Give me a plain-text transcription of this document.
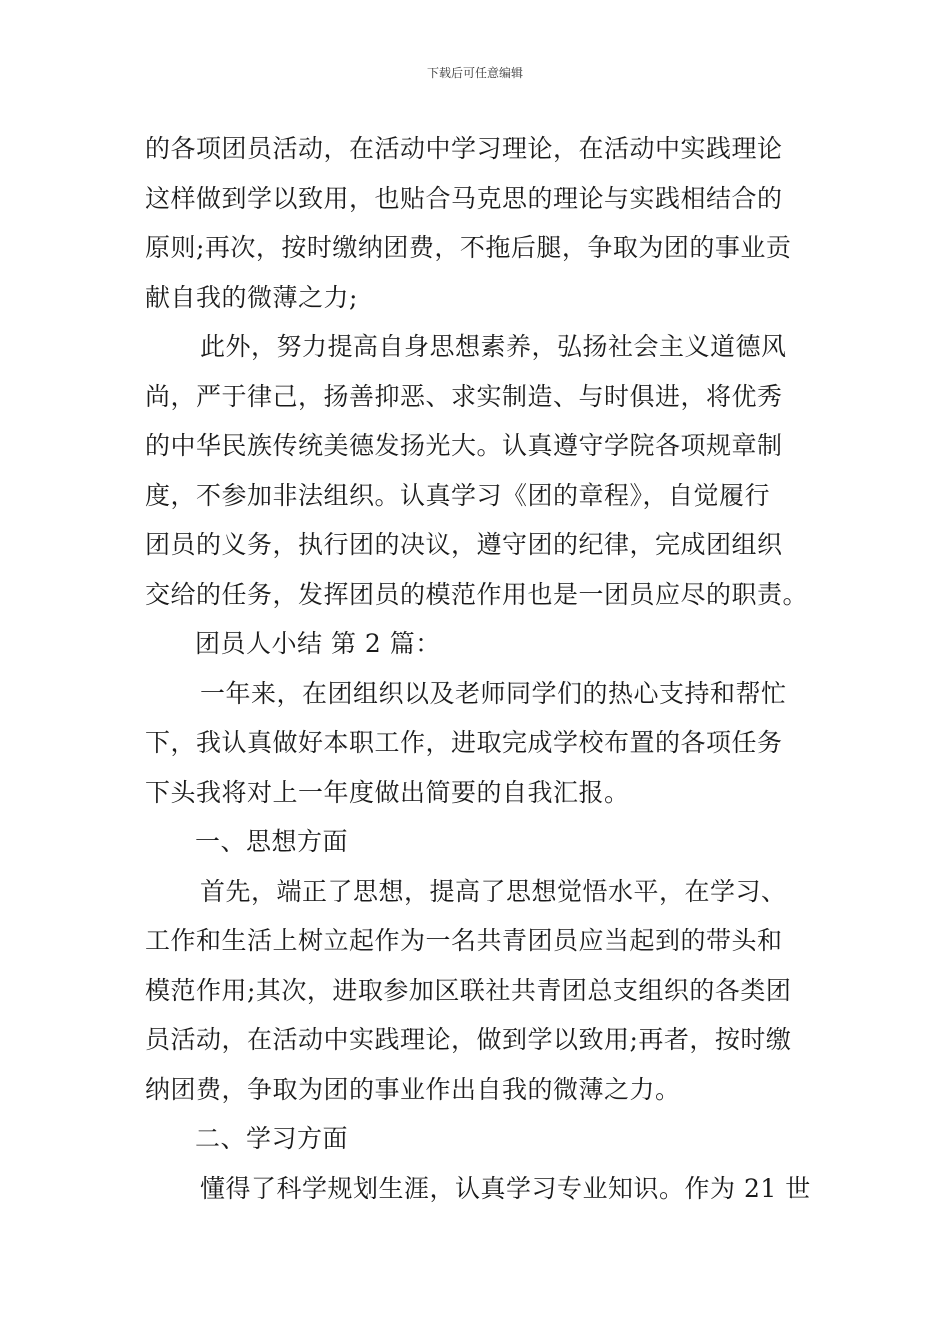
下载后可任意编辑
的各项团员活动，在活动中学习理论，在活动中实践理论
这样做到学以致用，也贴合马克思的理论与实践相结合的
原则;再次，按时缴纳团费，不拖后腿，争取为团的事业贡
献自我的微薄之力;
此外，努力提高自身思想素养，弘扬社会主义道德风
尚，严于律己，扬善抑恶、求实制造、与时俱进，将优秀
的中华民族传统美德发扬光大。认真遵守学院各项规章制
度，不参加非法组织。认真学习《团的章程》，自觉履行
团员的义务，执行团的决议，遵守团的纪律，完成团组织
交给的任务，发挥团员的模范作用也是一团员应尽的职责。
团员人小结 第 2 篇：
一年来，在团组织以及老师同学们的热心支持和帮忙
下，我认真做好本职工作，进取完成学校布置的各项任务
下头我将对上一年度做出简要的自我汇报。
一、思想方面
首先，端正了思想，提高了思想觉悟水平，在学习、
工作和生活上树立起作为一名共青团员应当起到的带头和
模范作用;其次，进取参加区联社共青团总支组织的各类团
员活动，在活动中实践理论，做到学以致用;再者，按时缴
纳团费，争取为团的事业作出自我的微薄之力。
二、学习方面
懂得了科学规划生涯，认真学习专业知识。作为 21 世
